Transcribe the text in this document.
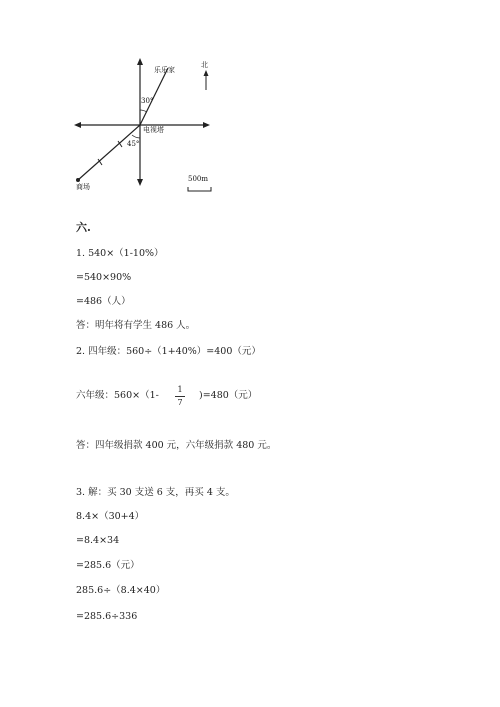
乐乐家
30°
电视塔
45°
商场
500m
北
六.
1. 540×（1-10%）
=540×90%
=486（人）
答：明年将有学生 486 人。
2. 四年级：560÷（1+40%）=400（元）
六年级：560×（1-
1
7
)=480（元）
答：四年级捐款 400 元，六年级捐款 480 元。
3. 解：买 30 支送 6 支，再买 4 支。
8.4×（30+4）
=8.4×34
=285.6（元）
285.6÷（8.4×40）
=285.6÷336
